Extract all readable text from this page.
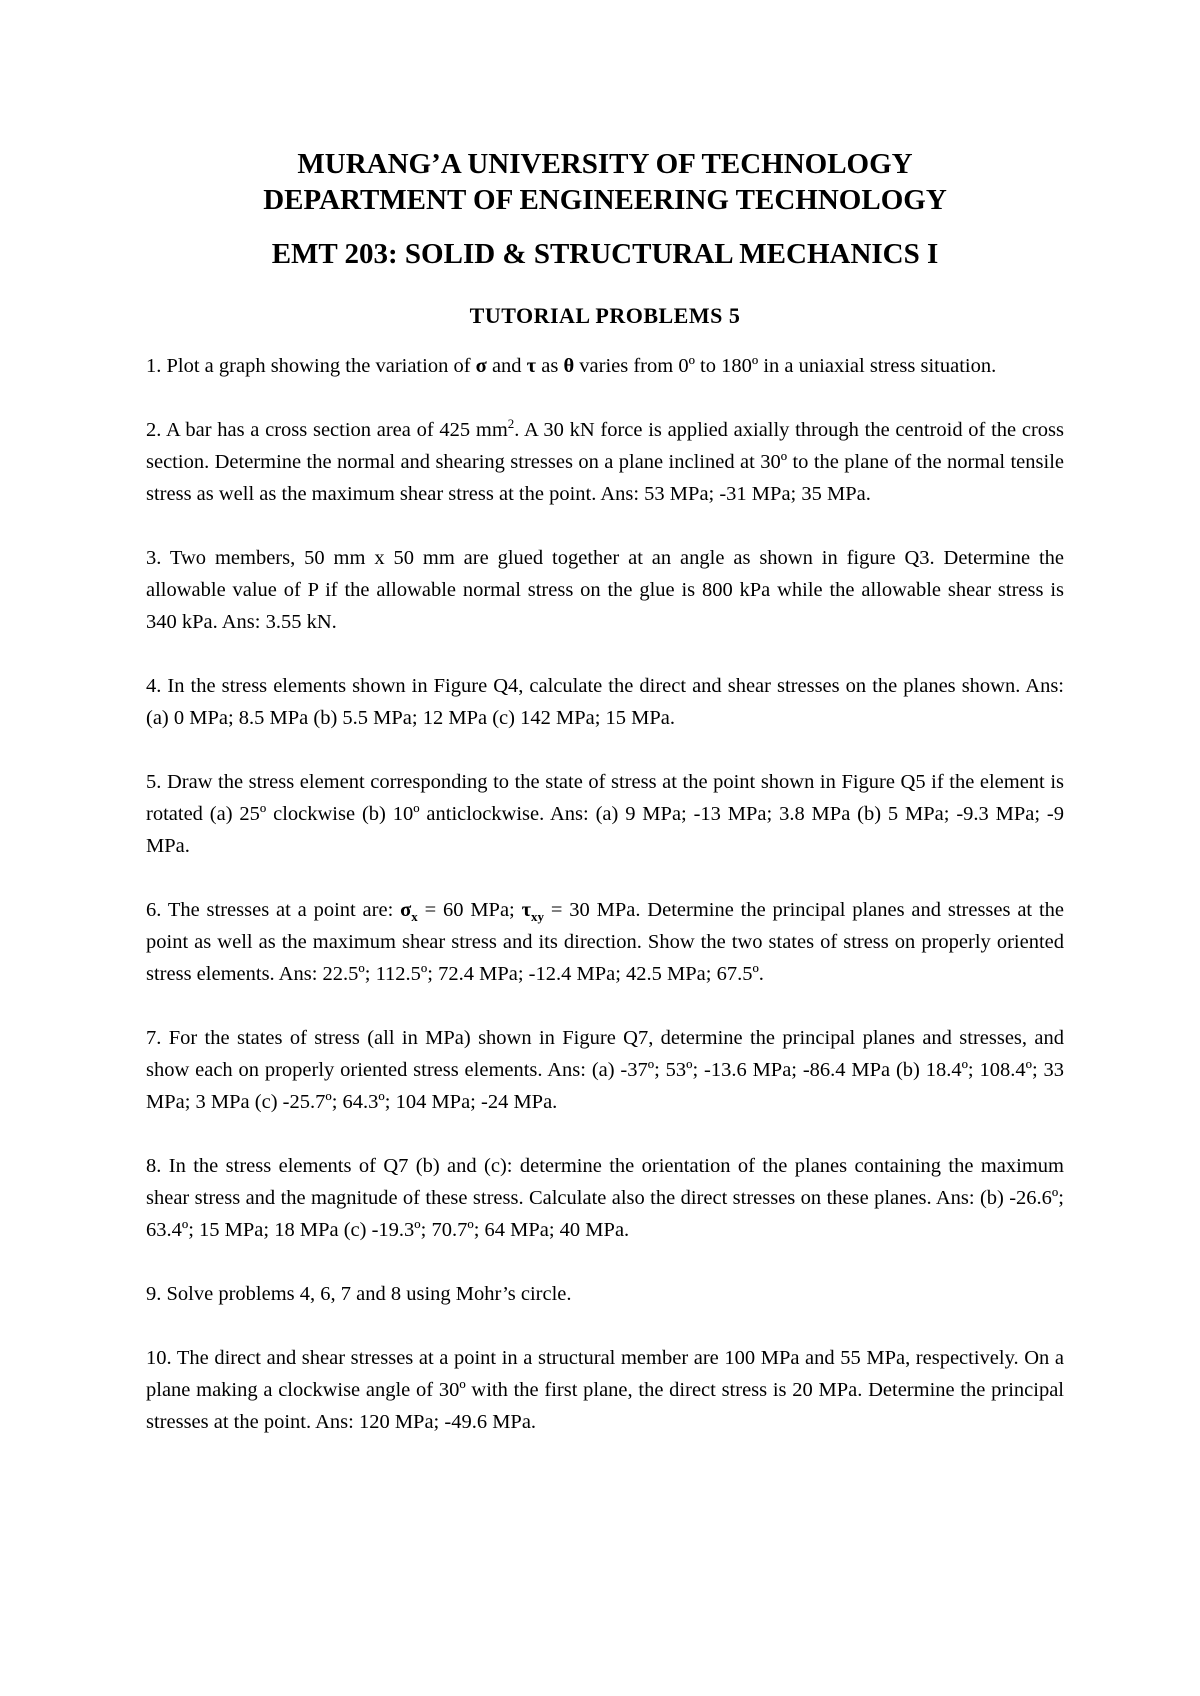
MURANG’A UNIVERSITY OF TECHNOLOGY

DEPARTMENT OF ENGINEERING TECHNOLOGY

EMT 203: SOLID & STRUCTURAL MECHANICS I

TUTORIAL PROBLEMS 5

1. Plot a graph showing the variation of σ and τ as θ varies from 0º to 180º in a uniaxial stress situation.

2. A bar has a cross section area of 425 $mm^2$. A 30 kN force is applied axially through the centroid of the cross section. Determine the normal and shearing stresses on a plane inclined at 30º to the plane of the normal tensile stress as well as the maximum shear stress at the point. Ans: 53 MPa; -31 MPa; 35 MPa.

3. Two members, 50 mm x 50 mm are glued together at an angle as shown in figure Q3. Determine the allowable value of P if the allowable normal stress on the glue is 800 kPa while the allowable shear stress is 340 kPa. Ans: 3.55 kN.

4. In the stress elements shown in Figure Q4, calculate the direct and shear stresses on the planes shown. Ans: (a) 0 MPa; 8.5 MPa (b) 5.5 MPa; 12 MPa (c) 142 MPa; 15 MPa.

5. Draw the stress element corresponding to the state of stress at the point shown in Figure Q5 if the element is rotated (a) 25º clockwise (b) 10º anticlockwise. Ans: (a) 9 MPa; -13 MPa; 3.8 MPa (b) 5 MPa; -9.3 MPa; -9 MPa.

6. The stresses at a point are: $\sigma_x = 60$ MPa; $\tau_{xy} = 30$ MPa. Determine the principal planes and stresses at the point as well as the maximum shear stress and its direction. Show the two states of stress on properly oriented stress elements. Ans: 22.5º; 112.5º; 72.4 MPa; -12.4 MPa; 42.5 MPa; 67.5º.

7. For the states of stress (all in MPa) shown in Figure Q7, determine the principal planes and stresses, and show each on properly oriented stress elements. Ans: (a) -37º; 53º; -13.6 MPa; -86.4 MPa (b) 18.4º; 108.4º; 33 MPa; 3 MPa (c) -25.7º; 64.3º; 104 MPa; -24 MPa.

8. In the stress elements of Q7 (b) and (c): determine the orientation of the planes containing the maximum shear stress and the magnitude of these stress. Calculate also the direct stresses on these planes. Ans: (b) -26.6º; 63.4º; 15 MPa; 18 MPa (c) -19.3º; 70.7º; 64 MPa; 40 MPa.

9. Solve problems 4, 6, 7 and 8 using Mohr’s circle.

10. The direct and shear stresses at a point in a structural member are 100 MPa and 55 MPa, respectively. On a plane making a clockwise angle of 30º with the first plane, the direct stress is 20 MPa. Determine the principal stresses at the point. Ans: 120 MPa; -49.6 MPa.
